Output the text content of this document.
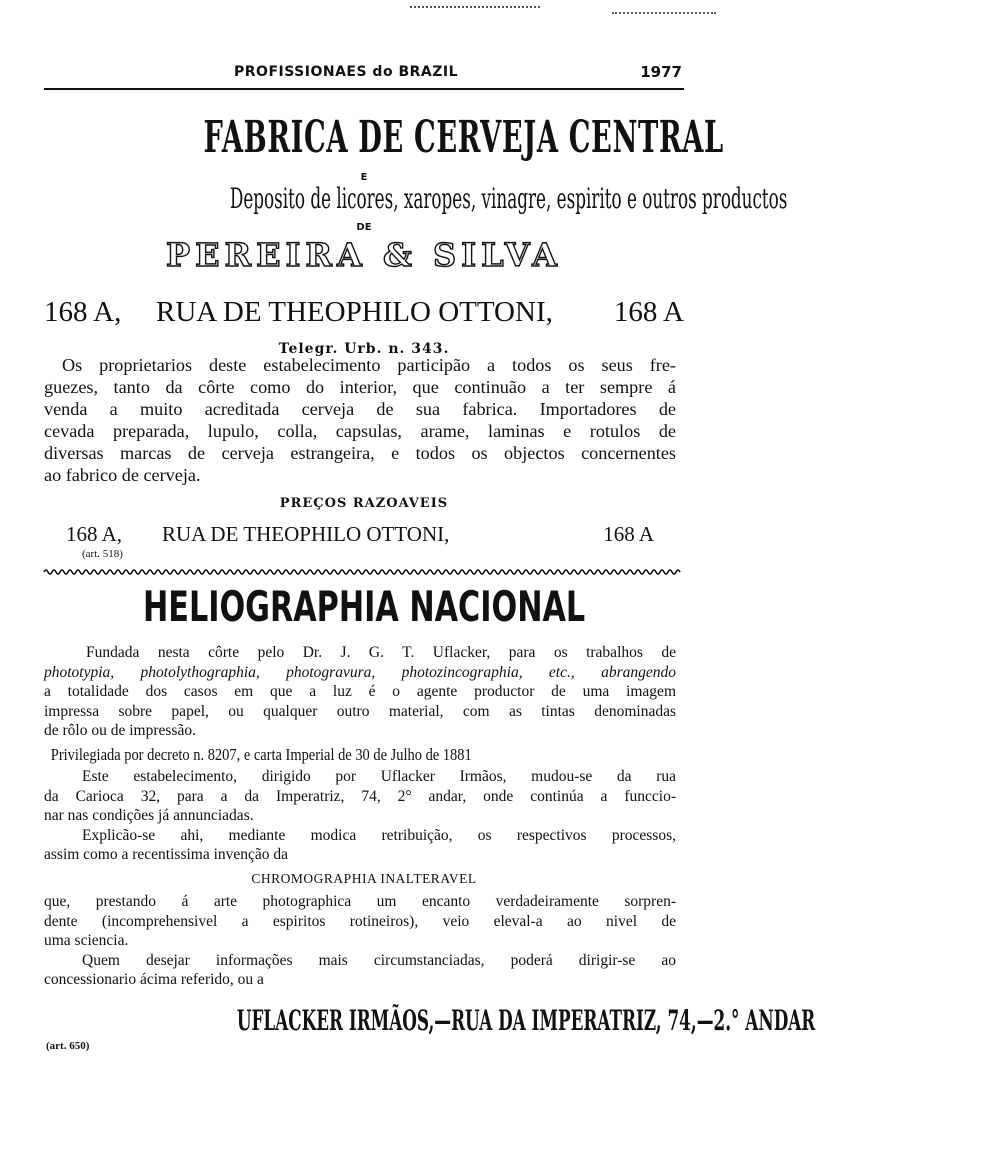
PROFISSIONAES do BRAZIL	1977
FABRICA DE CERVEJA CENTRAL
E
Deposito de licores, xaropes, vinagre, espirito e outros productos
DE
PEREIRA & SILVA
168 A, RUA DE THEOPHILO OTTONI, 168 A
Telegr. Urb. n. 343.
Os proprietarios deste estabelecimento participão a todos os seus fre-
guezes, tanto da côrte como do interior, que continuão a ter sempre á
venda a muito acreditada cerveja de sua fabrica. Importadores de
cevada preparada, lupulo, colla, capsulas, arame, laminas e rotulos de
diversas marcas de cerveja estrangeira, e todos os objectos concernentes
ao fabrico de cerveja.
PREÇOS RAZOAVEIS
168 A, RUA DE THEOPHILO OTTONI,	168 A
(art. 518)
HELIOGRAPHIA NACIONAL
Fundada nesta côrte pelo Dr. J. G. T. Uflacker, para os trabalhos de
phototypia, photolythographia, photogravura, photozincographia, etc., abrangendo
a totalidade dos casos em que a luz é o agente productor de uma imagem
impressa sobre papel, ou qualquer outro material, com as tintas denominadas
de rôlo ou de impressão.
Privilegiada por decreto n. 8207, e carta Imperial de 30 de Julho de 1881
Este estabelecimento, dirigido por Uflacker Irmãos, mudou-se da rua
da Carioca 32, para a da Imperatriz, 74, 2° andar, onde continúa a funccio-
nar nas condições já annunciadas.
Explicão-se ahi, mediante modica retribuição, os respectivos processos,
assim como a recentissima invenção da
CHROMOGRAPHIA INALTERAVEL
que, prestando á arte photographica um encanto verdadeiramente sorpren-
dente (incomprehensivel a espiritos rotineiros), veio eleval-a ao nivel de
uma sciencia.
Quem desejar informações mais circumstanciadas, poderá dirigir-se ao
concessionario ácima referido, ou a
UFLACKER IRMÃOS,—RUA DA IMPERATRIZ, 74,—2.° ANDAR
(art. 650)
